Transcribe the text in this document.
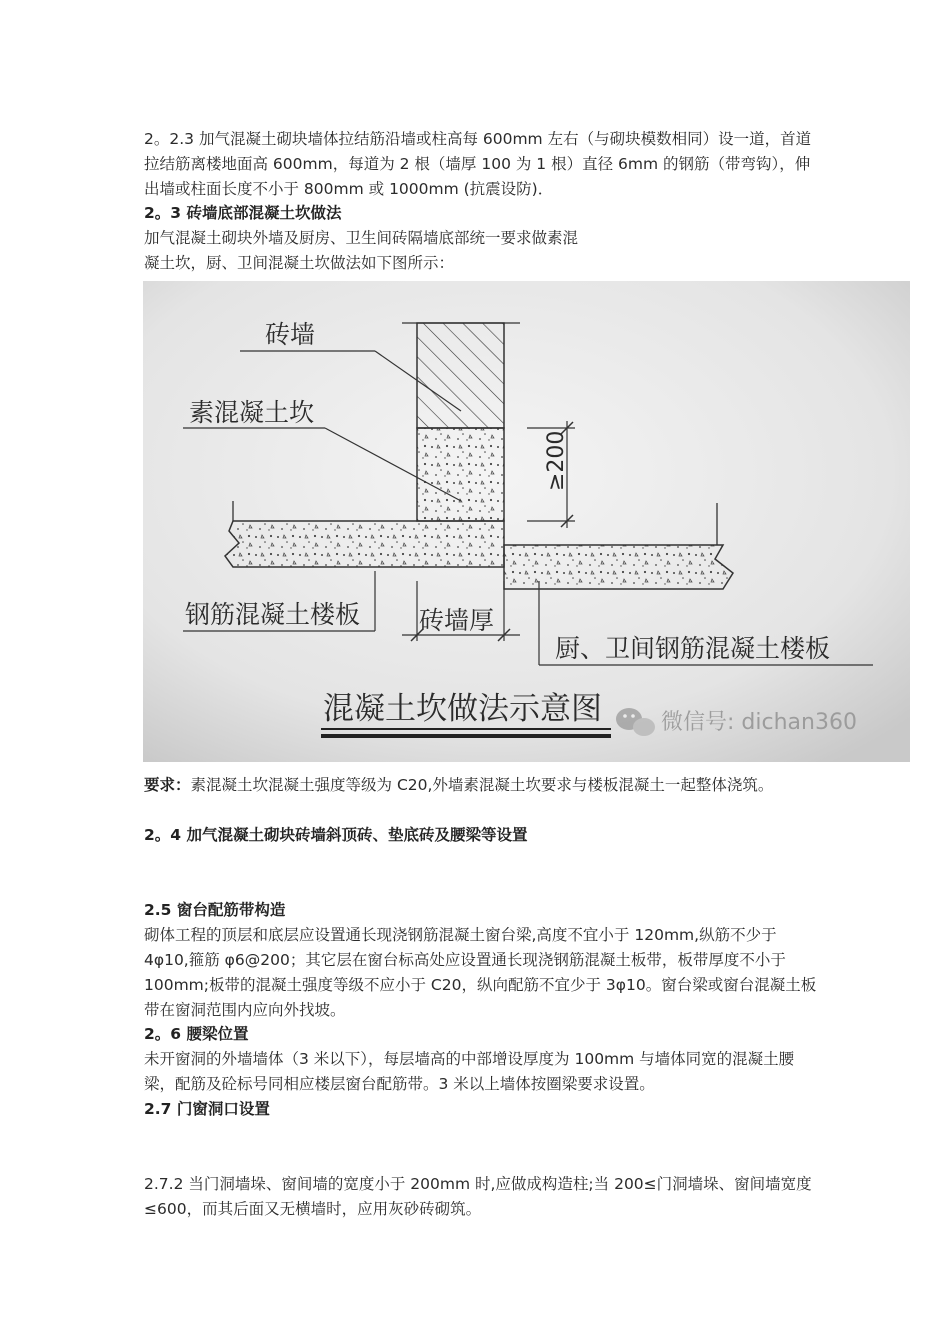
2。2.3 加气混凝土砌块墙体拉结筋沿墙或柱高每 600mm 左右（与砌块模数相同）设一道，首道拉结筋离楼地面高 600mm，每道为 2 根（墙厚 100 为 1 根）直径 6mm 的钢筋（带弯钩），伸出墙或柱面长度不小于 800mm 或 1000mm (抗震设防)．

2。3 砖墙底部混凝土坎做法

加气混凝土砌块外墙及厨房、卫生间砖隔墙底部统一要求做素混

凝土坎，厨、卫间混凝土坎做法如下图所示：

≥200
砖墙
素混凝土坎
钢筋混凝土楼板 砖墙厚
厨、卫间钢筋混凝土楼板
混凝土坎做法示意图	微信号: dichan360

要求：素混凝土坎混凝土强度等级为 C20,外墙素混凝土坎要求与楼板混凝土一起整体浇筑。

2。4 加气混凝土砌块砖墙斜顶砖、垫底砖及腰梁等设置

2.5 窗台配筋带构造

砌体工程的顶层和底层应设置通长现浇钢筋混凝土窗台梁,高度不宜小于 120mm,纵筋不少于 4φ10,箍筋 φ6@200；其它层在窗台标高处应设置通长现浇钢筋混凝土板带，板带厚度不小于 100mm;板带的混凝土强度等级不应小于 C20，纵向配筋不宜少于 3φ10。窗台梁或窗台混凝土板带在窗洞范围内应向外找坡。

2。6 腰梁位置

未开窗洞的外墙墙体（3 米以下），每层墙高的中部增设厚度为 100mm 与墙体同宽的混凝土腰梁，配筋及砼标号同相应楼层窗台配筋带。3 米以上墙体按圈梁要求设置。

2.7 门窗洞口设置

2.7.2 当门洞墙垛、窗间墙的宽度小于 200mm 时,应做成构造柱;当 200≤门洞墙垛、窗间墙宽度≤600，而其后面又无横墙时，应用灰砂砖砌筑。
